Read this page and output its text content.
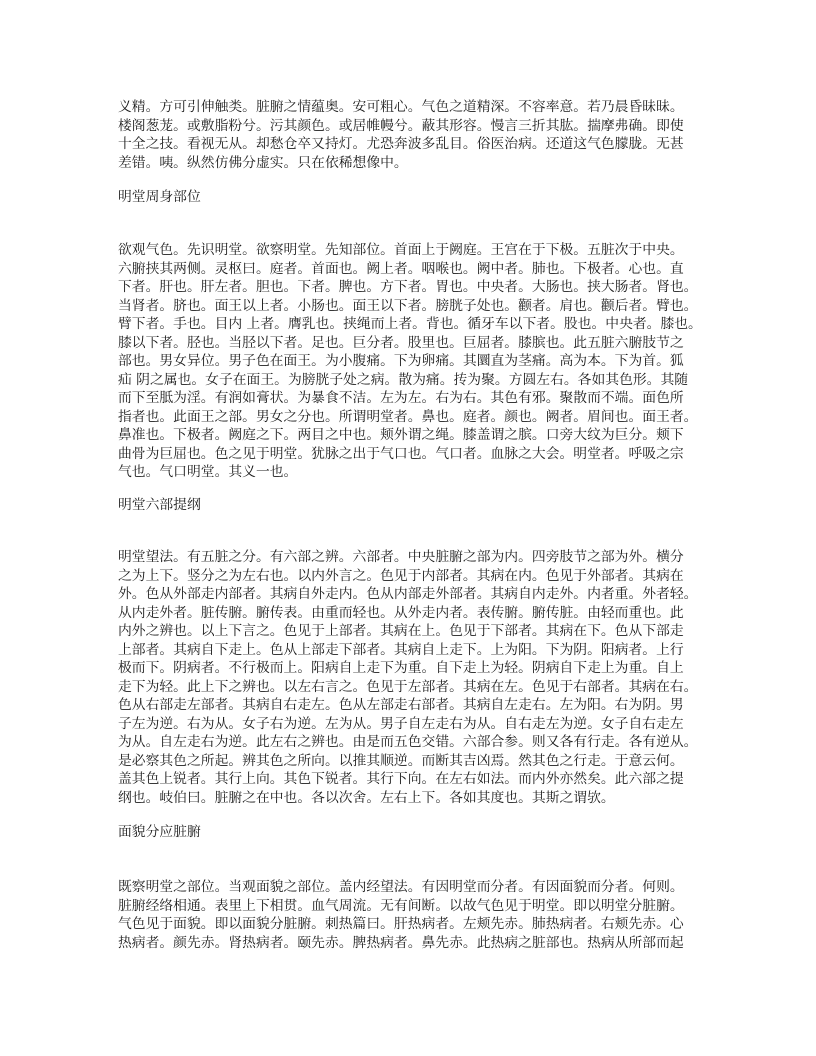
义精。方可引伸触类。脏腑之情蕴奥。安可粗心。气色之道精深。不容率意。若乃晨昏昧昧。
楼阁葱茏。或敷脂粉兮。污其颜色。或居帷幔兮。蔽其形容。慢言三折其肱。揣摩弗确。即使
十全之技。看视无从。却愁仓卒又持灯。尤恐奔波多乱目。俗医治病。还道这气色朦胧。无甚
差错。咦。纵然仿佛分虚实。只在依稀想像中。
明堂周身部位
欲观气色。先识明堂。欲察明堂。先知部位。首面上于阙庭。王宫在于下极。五脏次于中央。
六腑挟其两侧。灵枢曰。庭者。首面也。阙上者。咽喉也。阙中者。肺也。下极者。心也。直
下者。肝也。肝左者。胆也。下者。脾也。方下者。胃也。中央者。大肠也。挟大肠者。肾也。
当肾者。脐也。面王以上者。小肠也。面王以下者。膀胱子处也。颧者。肩也。颧后者。臂也。
臂下者。手也。目内 上者。膺乳也。挟绳而上者。背也。循牙车以下者。股也。中央者。膝也。
膝以下者。胫也。当胫以下者。足也。巨分者。股里也。巨屈者。膝膑也。此五脏六腑肢节之
部也。男女异位。男子色在面王。为小腹痛。下为卵痛。其圜直为茎痛。高为本。下为首。狐
疝 阴之属也。女子在面王。为膀胱子处之病。散为痛。抟为聚。方圆左右。各如其色形。其随
而下至胝为淫。有润如膏状。为暴食不洁。左为左。右为右。其色有邪。聚散而不端。面色所
指者也。此面王之部。男女之分也。所谓明堂者。鼻也。庭者。颜也。阙者。眉间也。面王者。
鼻准也。下极者。阙庭之下。两目之中也。颊外谓之绳。膝盖谓之膑。口旁大纹为巨分。颊下
曲骨为巨屈也。色之见于明堂。犹脉之出于气口也。气口者。血脉之大会。明堂者。呼吸之宗
气也。气口明堂。其义一也。
明堂六部提纲
明堂望法。有五脏之分。有六部之辨。六部者。中央脏腑之部为内。四旁肢节之部为外。横分
之为上下。竖分之为左右也。以内外言之。色见于内部者。其病在内。色见于外部者。其病在
外。色从外部走内部者。其病自外走内。色从内部走外部者。其病自内走外。内者重。外者轻。
从内走外者。脏传腑。腑传表。由重而轻也。从外走内者。表传腑。腑传脏。由轻而重也。此
内外之辨也。以上下言之。色见于上部者。其病在上。色见于下部者。其病在下。色从下部走
上部者。其病自下走上。色从上部走下部者。其病自上走下。上为阳。下为阴。阳病者。上行
极而下。阴病者。不行极而上。阳病自上走下为重。自下走上为轻。阴病自下走上为重。自上
走下为轻。此上下之辨也。以左右言之。色见于左部者。其病在左。色见于右部者。其病在右。
色从右部走左部者。其病自右走左。色从左部走右部者。其病自左走右。左为阳。右为阴。男
子左为逆。右为从。女子右为逆。左为从。男子自左走右为从。自右走左为逆。女子自右走左
为从。自左走右为逆。此左右之辨也。由是而五色交错。六部合参。则又各有行走。各有逆从。
是必察其色之所起。辨其色之所向。以推其顺逆。而断其吉凶焉。然其色之行走。于意云何。
盖其色上锐者。其行上向。其色下锐者。其行下向。在左右如法。而内外亦然矣。此六部之提
纲也。岐伯曰。脏腑之在中也。各以次舍。左右上下。各如其度也。其斯之谓欤。
面貌分应脏腑
既察明堂之部位。当观面貌之部位。盖内经望法。有因明堂而分者。有因面貌而分者。何则。
脏腑经络相通。表里上下相贯。血气周流。无有间断。以故气色见于明堂。即以明堂分脏腑。
气色见于面貌。即以面貌分脏腑。刺热篇曰。肝热病者。左颊先赤。肺热病者。右颊先赤。心
热病者。颜先赤。肾热病者。颐先赤。脾热病者。鼻先赤。此热病之脏部也。热病从所部而起
